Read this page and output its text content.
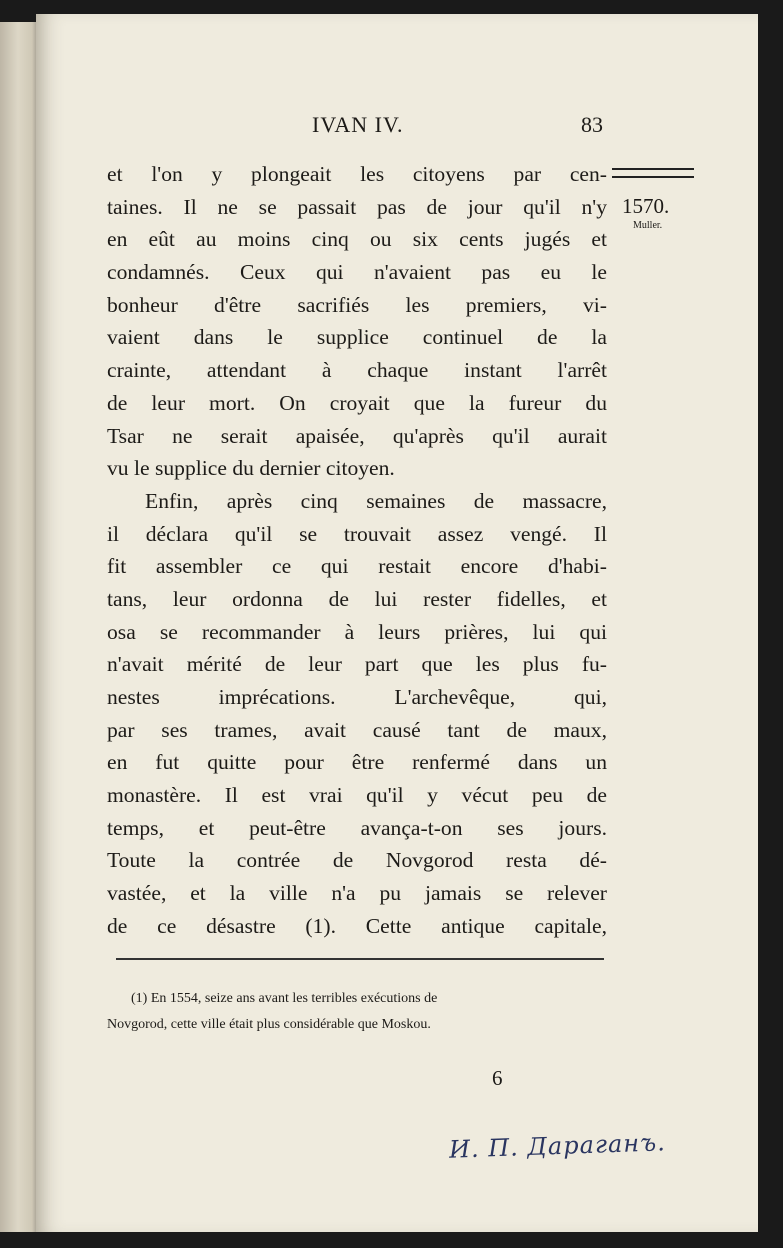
IVAN IV.	83
1570.
Muller.
et l'on y plongeait les citoyens par cen-
taines. Il ne se passait pas de jour qu'il n'y
en eût au moins cinq ou six cents jugés et
condamnés. Ceux qui n'avaient pas eu le
bonheur d'être sacrifiés les premiers, vi-
vaient dans le supplice continuel de la
crainte, attendant à chaque instant l'arrêt
de leur mort. On croyait que la fureur du
Tsar ne serait apaisée, qu'après qu'il aurait
vu le supplice du dernier citoyen.
Enfin, après cinq semaines de massacre,
il déclara qu'il se trouvait assez vengé. Il
fit assembler ce qui restait encore d'habi-
tans, leur ordonna de lui rester fidelles, et
osa se recommander à leurs prières, lui qui
n'avait mérité de leur part que les plus fu-
nestes imprécations. L'archevêque, qui,
par ses trames, avait causé tant de maux,
en fut quitte pour être renfermé dans un
monastère. Il est vrai qu'il y vécut peu de
temps, et peut-être avança-t-on ses jours.
Toute la contrée de Novgorod resta dé-
vastée, et la ville n'a pu jamais se relever
de ce désastre (1). Cette antique capitale,
(1) En 1554, seize ans avant les terribles exécutions de
Novgorod, cette ville était plus considérable que Moskou.
6
И. П. Дараганъ.
